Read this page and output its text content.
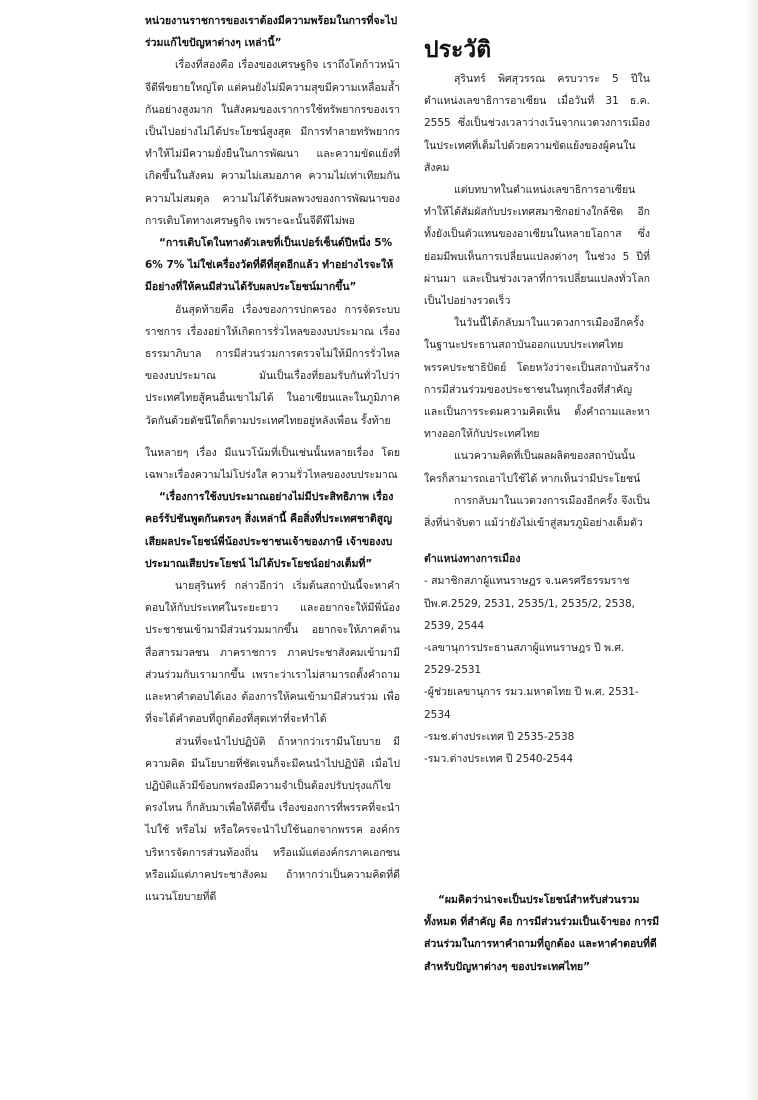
หน่วยงานราชการของเราต้องมีความพร้อมในการที่จะไปร่วมแก้ไขปัญหาต่างๆ เหล่านี้”

เรื่องที่สองคือ เรื่องของเศรษฐกิจ เราถึงโตก้าวหน้า จีดีพีขยายใหญ่โต แต่คนยังไม่มีความสุขมีความเหลื่อมล้ำกันอย่างสูงมาก ในสังคมของเราการใช้ทรัพยากรของเราเป็นไปอย่างไม่ได้ประโยชน์สูงสุด มีการทำลายทรัพยากร ทำให้ไม่มีความยั่งยืนในการพัฒนา และความขัดแย้งที่เกิดขึ้นในสังคม ความไม่เสมอภาค ความไม่เท่าเทียมกัน ความไม่สมดุล ความไม่ได้รับผลพวงของการพัฒนาของการเติบโตทางเศรษฐกิจ เพราะฉะนั้นจีดีพีไม่พอ

“การเติบโตในทางตัวเลขที่เป็นเปอร์เซ็นต์ปีหนึ่ง 5% 6% 7% ไม่ใช่เครื่องวัดที่ดีที่สุดอีกแล้ว ทำอย่างไรจะให้มีอย่างที่ให้คนมีส่วนได้รับผลประโยชน์มากขึ้น”

อันสุดท้ายคือ เรื่องของการปกครอง การจัดระบบราชการ เรื่องอย่าให้เกิดการรั่วไหลของงบประมาณ เรื่องธรรมาภิบาล การมีส่วนร่วมการตรวจไม่ให้มีการรั่วไหลของงบประมาณ มันเป็นเรื่องที่ยอมรับกันทั่วไปว่าประเทศไทยสู้คนอื่นเขาไม่ได้ ในอาเซียนและในภูมิภาควัดกันด้วยดัชนีใดก็ตามประเทศไทยอยู่หลังเพื่อน รั้งท้าย

ในหลายๆ เรื่อง มีแนวโน้มที่เป็นเช่นนั้นหลายเรื่อง โดยเฉพาะเรื่องความไม่โปร่งใส ความรั่วไหลของงบประมาณ

“เรื่องการใช้งบประมาณอย่างไม่มีประสิทธิภาพ เรื่องคอร์รัปชันพูดกันตรงๆ สิ่งเหล่านี้ คือสิ่งที่ประเทศชาติสูญเสียผลประโยชน์พี่น้องประชาชนเจ้าของภาษี เจ้าของงบประมาณเสียประโยชน์ ไม่ได้ประโยชน์อย่างเต็มที่”

นายสุรินทร์ กล่าวอีกว่า เริ่มต้นสถาบันนี้จะหาคำตอบให้กับประเทศในระยะยาว และอยากจะให้มีพี่น้องประชาชนเข้ามามีส่วนร่วมมากขึ้น อยากจะให้ภาคด้านสื่อสารมวลชน ภาคราชการ ภาคประชาสังคมเข้ามามีส่วนร่วมกับเรามากขึ้น เพราะว่าเราไม่สามารถตั้งคำถาม และหาคำตอบได้เอง ต้องการให้คนเข้ามามีส่วนร่วม เพื่อที่จะได้คำตอบที่ถูกต้องที่สุดเท่าที่จะทำได้

ส่วนที่จะนำไปปฏิบัติ ถ้าหากว่าเรามีนโยบาย มีความคิด มีนโยบายที่ชัดเจนก็จะมีคนนำไปปฏิบัติ เมื่อไปปฏิบัติแล้วมีข้อบกพร่องมีความจำเป็นต้องปรับปรุงแก้ไข ตรงไหน ก็กลับมาเพื่อให้ดีขึ้น เรื่องของการที่พรรคที่จะนำไปใช้ หรือไม่ หรือใครจะนำไปใช้นอกจากพรรค องค์กรบริหารจัดการส่วนท้องถิ่น หรือแม้แต่องค์กรภาคเอกชน หรือแม้แต่ภาคประชาสังคม ถ้าหากว่าเป็นความคิดที่ดี แนวนโยบายที่ดี

ประวัติ

สุรินทร์ พิศสุวรรณ ครบวาระ 5 ปีในตำแหน่งเลขาธิการอาเซียน เมื่อวันที่ 31 ธ.ค. 2555 ซึ่งเป็นช่วงเวลาว่างเว้นจากแวดวงการเมืองในประเทศที่เต็มไปด้วยความขัดแย้งของผู้คนในสังคม

แต่บทบาทในตำแหน่งเลขาธิการอาเซียนทำให้ได้สัมผัสกับประเทศสมาชิกอย่างใกล้ชิด อีกทั้งยังเป็นตัวแทนของอาเซียนในหลายโอกาส ซึ่งย่อมมีพบเห็นการเปลี่ยนแปลงต่างๆ ในช่วง 5 ปีที่ผ่านมา และเป็นช่วงเวลาที่การเปลี่ยนแปลงทั่วโลกเป็นไปอย่างรวดเร็ว

ในวันนี้ได้กลับมาในแวดวงการเมืองอีกครั้ง ในฐานะประธานสถาบันออกแบบประเทศไทย พรรคประชาธิปัตย์ โดยหวังว่าจะเป็นสถาบันสร้างการมีส่วนร่วมของประชาชนในทุกเรื่องที่สำคัญ และเป็นการระดมความคิดเห็น ตั้งคำถามและหาทางออกให้กับประเทศไทย

แนวความคิดที่เป็นผลผลิตของสถาบันนั้น ใครก็สามารถเอาไปใช้ได้ หากเห็นว่ามีประโยชน์

การกลับมาในแวดวงการเมืองอีกครั้ง จึงเป็นสิ่งที่น่าจับตา แม้ว่ายังไม่เข้าสู่สมรภูมิอย่างเต็มตัว

ตำแหน่งทางการเมือง

- สมาชิกสภาผู้แทนราษฎร จ.นครศรีธรรมราช ปีพ.ศ.2529, 2531, 2535/1, 2535/2, 2538, 2539, 2544
-เลขานุการประธานสภาผู้แทนราษฎร ปี พ.ศ. 2529-2531
-ผู้ช่วยเลขานุการ รมว.มหาดไทย ปี พ.ศ. 2531-2534
-รมช.ต่างประเทศ ปี 2535-2538
-รมว.ต่างประเทศ ปี 2540-2544

“ผมคิดว่าน่าจะเป็นประโยชน์สำหรับส่วนรวมทั้งหมด ที่สำคัญ คือ การมีส่วนร่วมเป็นเจ้าของ การมีส่วนร่วมในการหาคำถามที่ถูกต้อง และหาคำตอบที่ดี สำหรับปัญหาต่างๆ ของประเทศไทย”
